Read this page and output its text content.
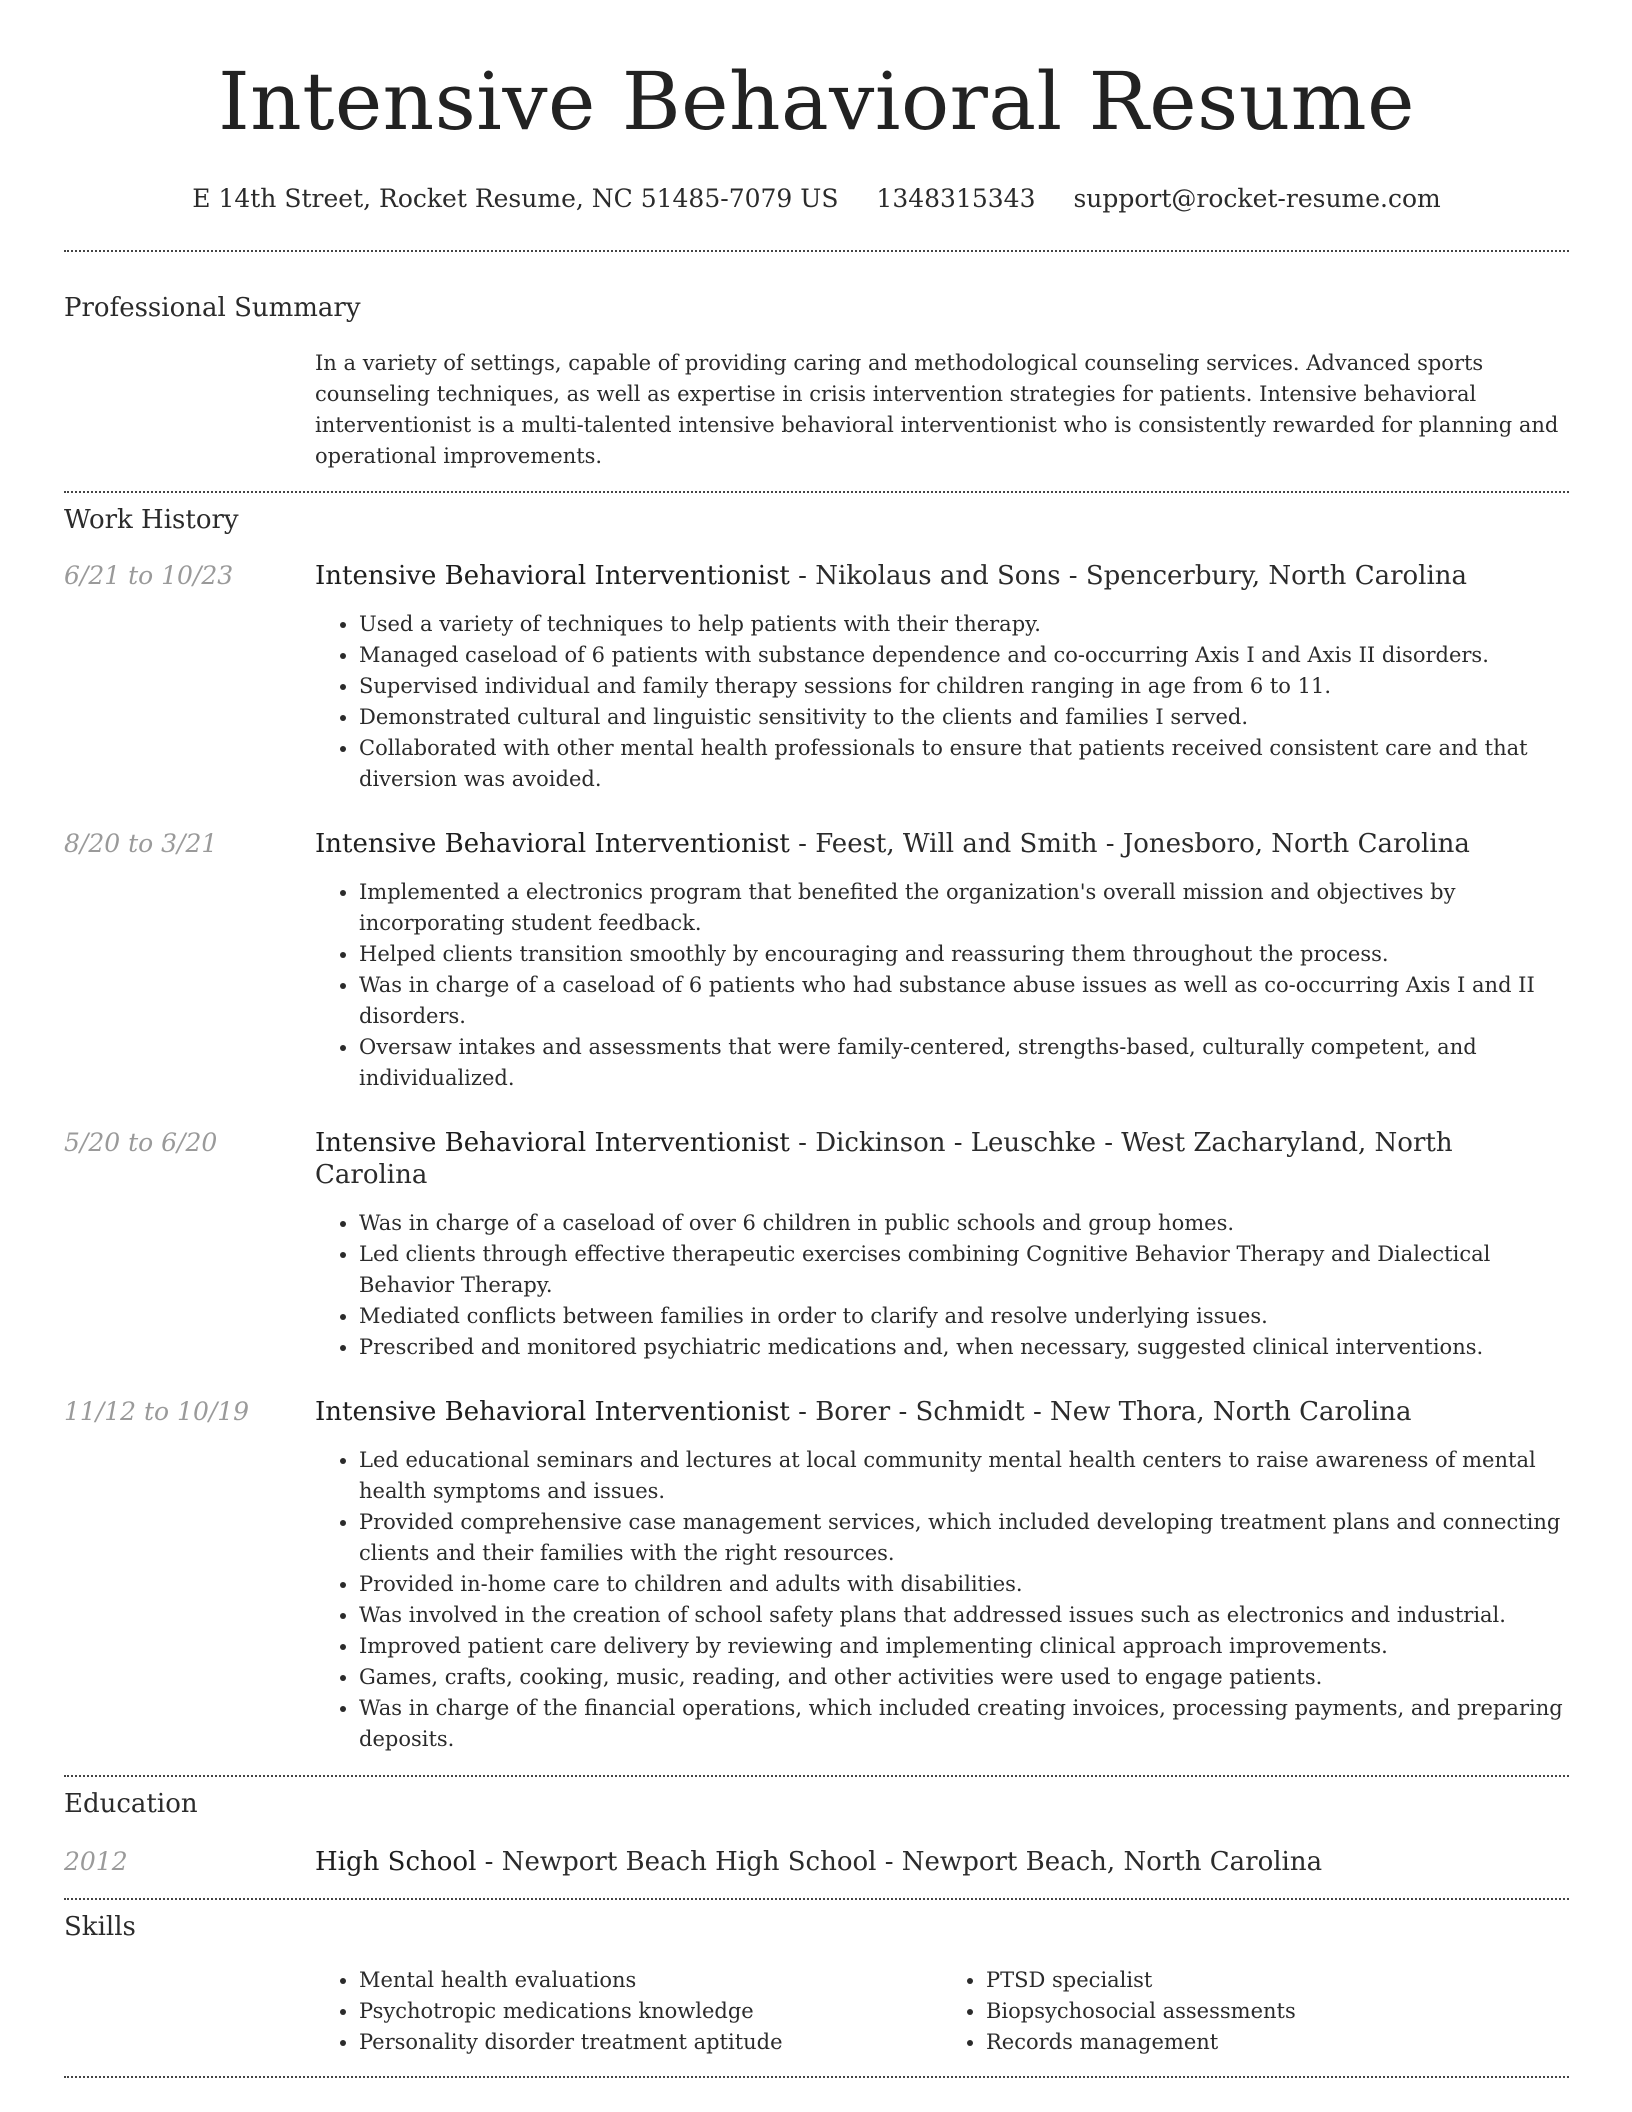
Intensive Behavioral Resume
E 14th Street, Rocket Resume, NC 51485-7079 US 1348315343 support@rocket-resume.com
Professional Summary

In a variety of settings, capable of providing caring and methodological counseling services. Advanced sports counseling techniques, as well as expertise in crisis intervention strategies for patients. Intensive behavioral interventionist is a multi-talented intensive behavioral interventionist who is consistently rewarded for planning and operational improvements.

Work History
6/21 to 10/23	Intensive Behavioral Interventionist - Nikolaus and Sons - Spencerbury, North Carolina
• Used a variety of techniques to help patients with their therapy.
• Managed caseload of 6 patients with substance dependence and co-occurring Axis I and Axis II disorders.
• Supervised individual and family therapy sessions for children ranging in age from 6 to 11.
• Demonstrated cultural and linguistic sensitivity to the clients and families I served.
• Collaborated with other mental health professionals to ensure that patients received consistent care and that diversion was avoided.
8/20 to 3/21	Intensive Behavioral Interventionist - Feest, Will and Smith - Jonesboro, North Carolina
• Implemented a electronics program that benefited the organization's overall mission and objectives by incorporating student feedback.
• Helped clients transition smoothly by encouraging and reassuring them throughout the process.
• Was in charge of a caseload of 6 patients who had substance abuse issues as well as co-occurring Axis I and II disorders.
• Oversaw intakes and assessments that were family-centered, strengths-based, culturally competent, and individualized.
5/20 to 6/20	Intensive Behavioral Interventionist - Dickinson - Leuschke - West Zacharyland, North Carolina
• Was in charge of a caseload of over 6 children in public schools and group homes.
• Led clients through effective therapeutic exercises combining Cognitive Behavior Therapy and Dialectical Behavior Therapy.
• Mediated conflicts between families in order to clarify and resolve underlying issues.
• Prescribed and monitored psychiatric medications and, when necessary, suggested clinical interventions.
11/12 to 10/19	Intensive Behavioral Interventionist - Borer - Schmidt - New Thora, North Carolina
• Led educational seminars and lectures at local community mental health centers to raise awareness of mental health symptoms and issues.
• Provided comprehensive case management services, which included developing treatment plans and connecting clients and their families with the right resources.
• Provided in-home care to children and adults with disabilities.
• Was involved in the creation of school safety plans that addressed issues such as electronics and industrial.
• Improved patient care delivery by reviewing and implementing clinical approach improvements.
• Games, crafts, cooking, music, reading, and other activities were used to engage patients.
• Was in charge of the financial operations, which included creating invoices, processing payments, and preparing deposits.
Education
2012	High School - Newport Beach High School - Newport Beach, North Carolina
Skills
• Mental health evaluations
• Psychotropic medications knowledge
• Personality disorder treatment aptitude
• PTSD specialist
• Biopsychosocial assessments
• Records management
